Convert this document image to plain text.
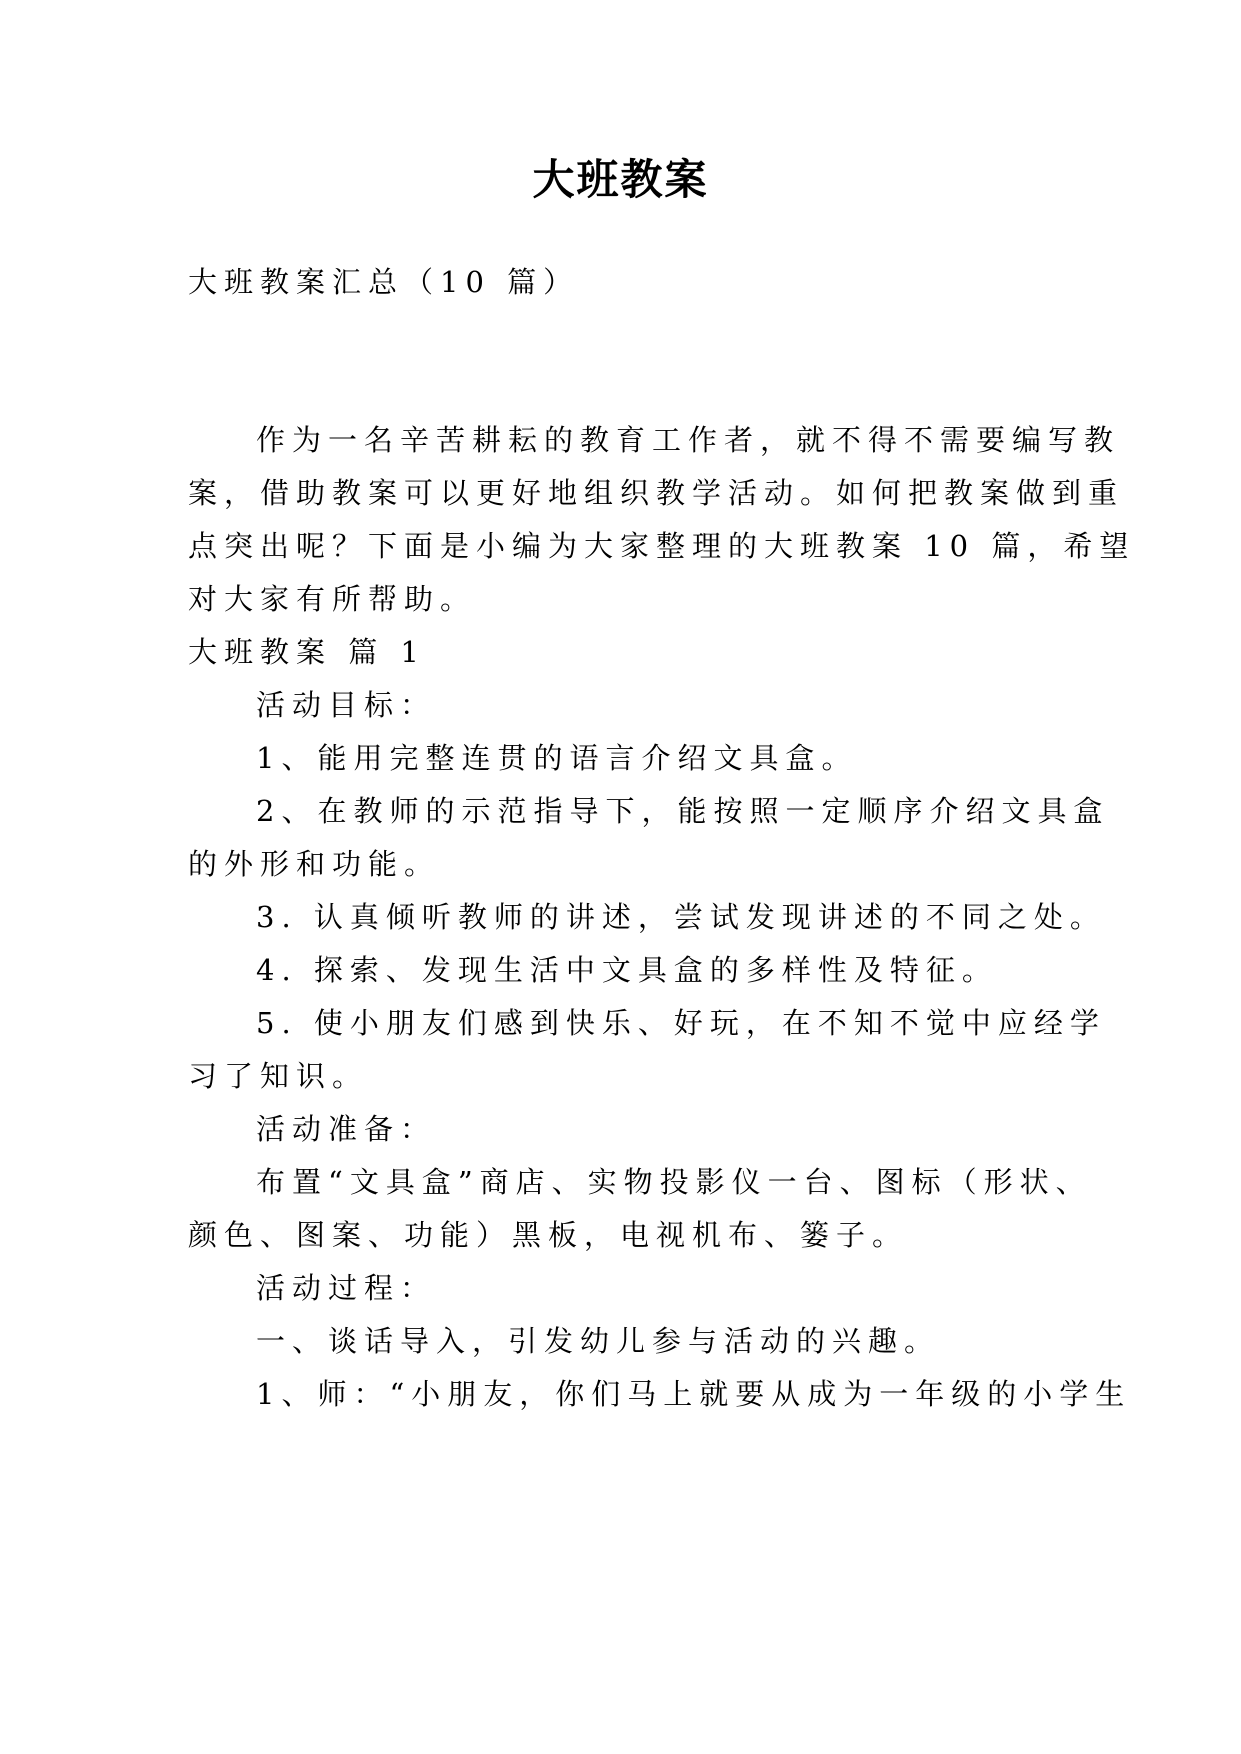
大班教案
大班教案汇总（10 篇）
作为一名辛苦耕耘的教育工作者，就不得不需要编写教
案，借助教案可以更好地组织教学活动。如何把教案做到重
点突出呢？下面是小编为大家整理的大班教案 10 篇，希望
对大家有所帮助。
大班教案 篇 1
活动目标：
1、能用完整连贯的语言介绍文具盒。
2、在教师的示范指导下，能按照一定顺序介绍文具盒
的外形和功能。
3. 认真倾听教师的讲述，尝试发现讲述的不同之处。
4. 探索、发现生活中文具盒的多样性及特征。
5. 使小朋友们感到快乐、好玩，在不知不觉中应经学
习了知识。
活动准备：
布置“文具盒”商店、实物投影仪一台、图标（形状、
颜色、图案、功能）黑板，电视机布、篓子。
活动过程：
一、谈话导入，引发幼儿参与活动的兴趣。
1、师：“小朋友，你们马上就要从成为一年级的小学生
